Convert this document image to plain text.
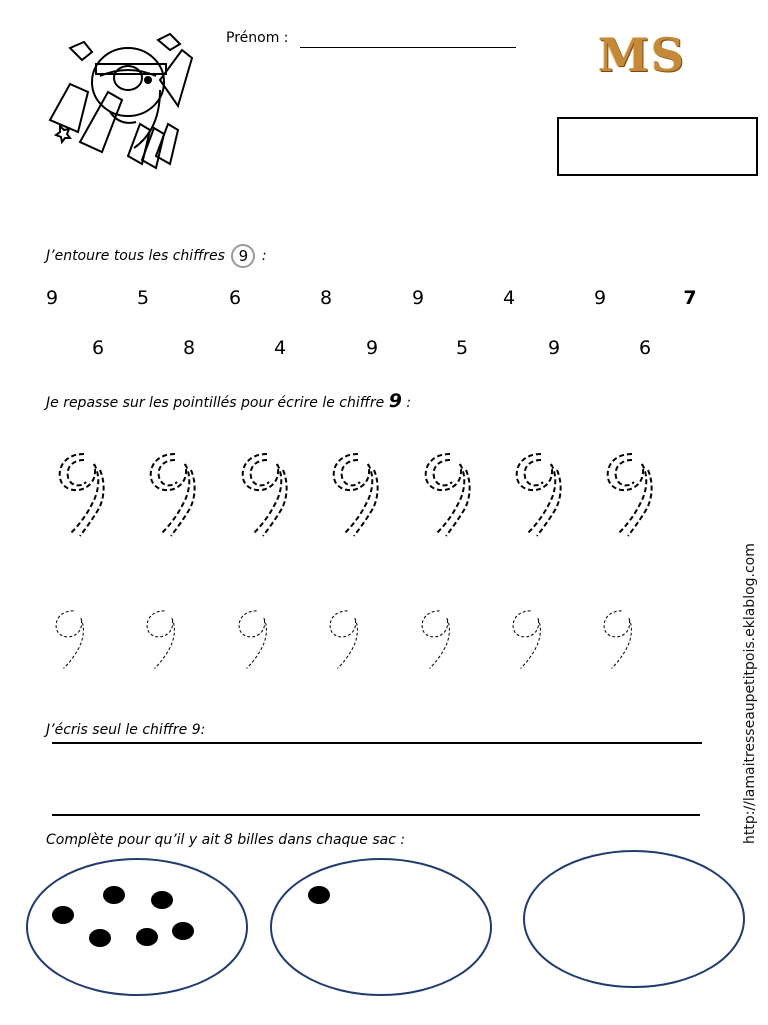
Prénom :	MS
J’entoure tous les chiffres 9 :
9	5	6	8	9	4	9	7
6	8	4	9	5	9	6
Je repasse sur les pointillés pour écrire le chiffre 9 :
J’écris seul le chiffre 9:
Complète pour qu’il y ait 8 billes dans chaque sac :	http://lamaitresseaupetitpois.eklablog.com
